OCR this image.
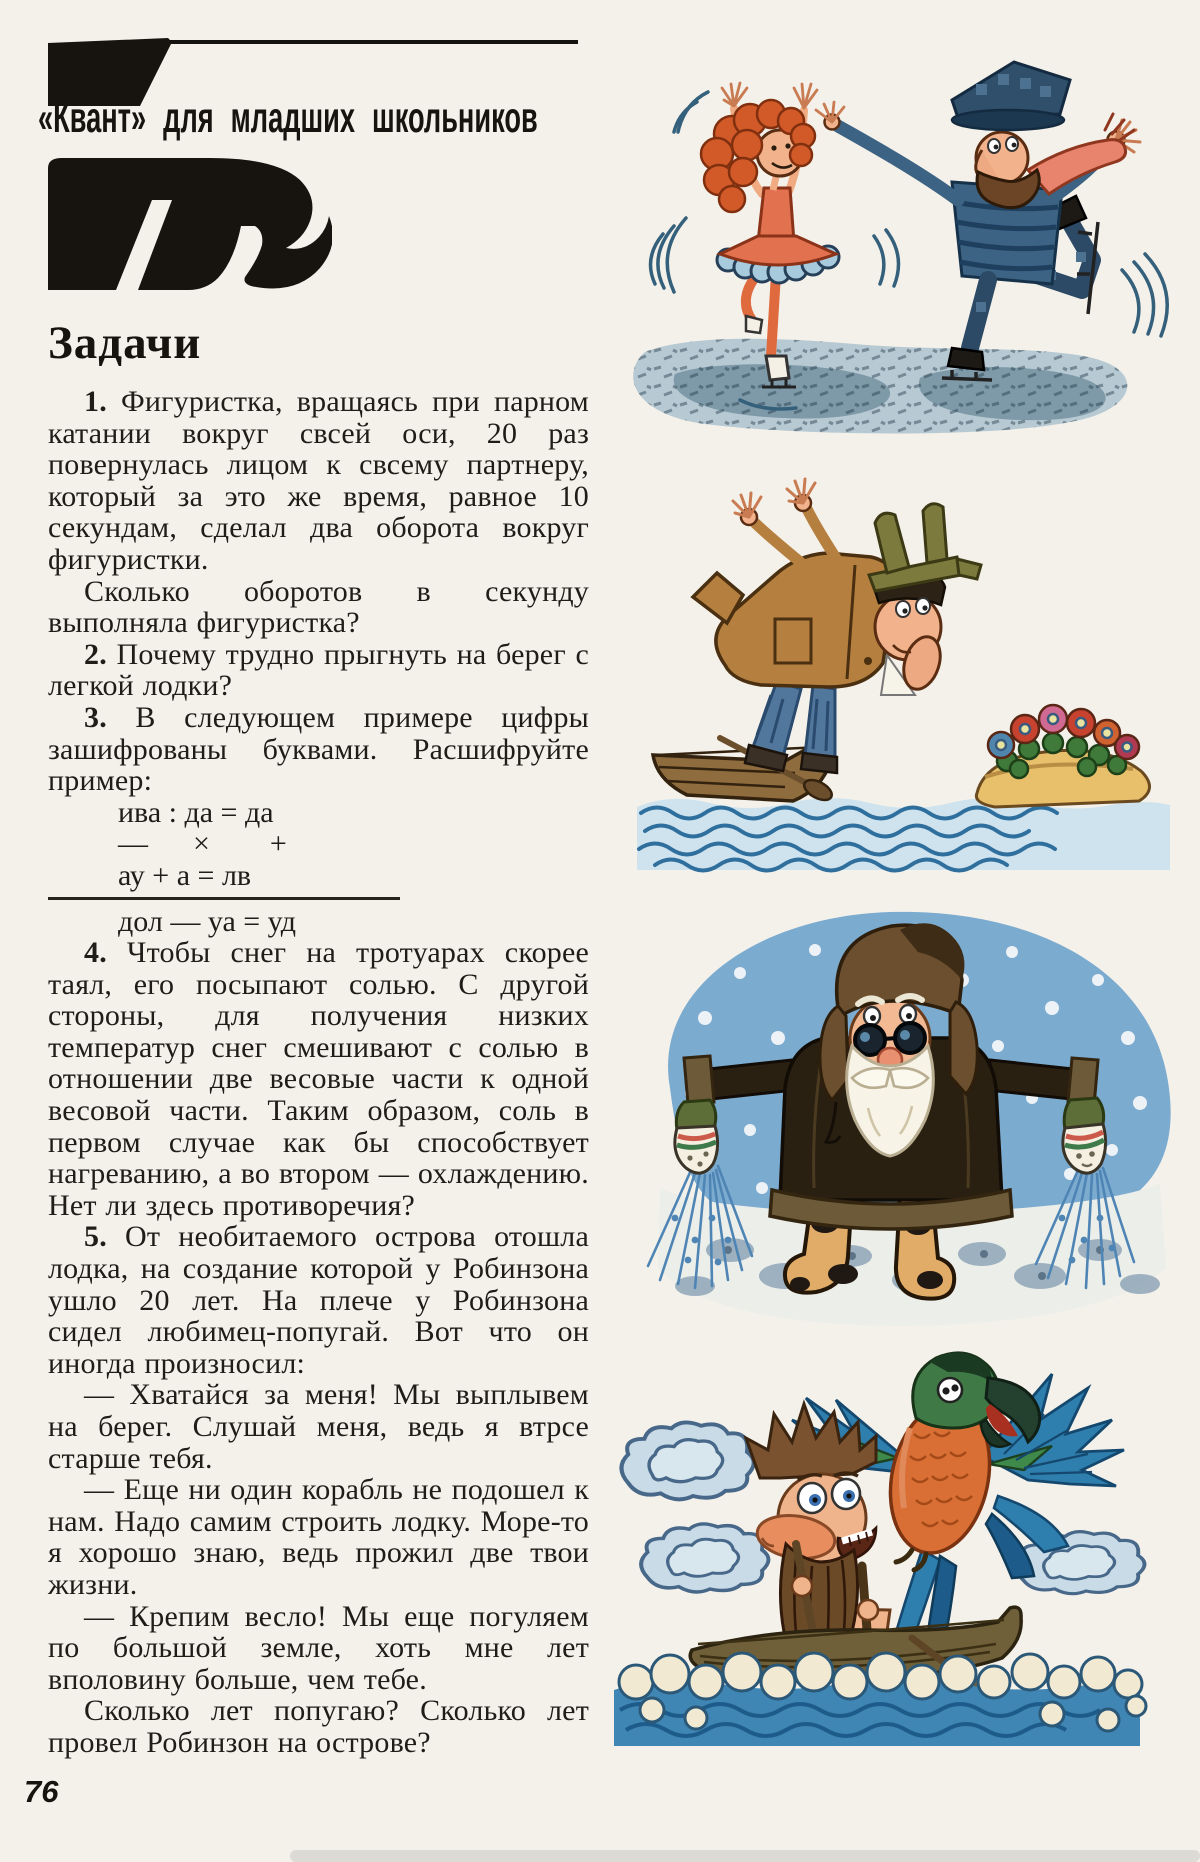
«Квант» для младших школьников
Задачи

1. Фигуристка, вращаясь при парном катании вокруг свсей оси, 20 раз повернулась лицом к свсему партнеру, который за это же время, равное 10 секундам, сделал два оборота вокруг фигуристки.

Сколько оборотов в секунду выполняла фигуристка?

2. Почему трудно прыгнуть на берег с легкой лодки?

3. В следующем примере цифры зашифрованы буквами. Расшифруйте пример:

ива : да = да
—      ×        +
ау + а = лв
дол — уа = уд

4. Чтобы снег на тротуарах скорее таял, его посыпают солью. С другой стороны, для получения низких температур снег смешивают с солью в отношении две весовые части к одной весовой части. Таким образом, соль в первом случае как бы способствует нагреванию, а во втором — охлаждению. Нет ли здесь противоречия?

5. От необитаемого острова отошла лодка, на создание которой у Робинзона ушло 20 лет. На плече у Робинзона сидел любимец-попугай. Вот что он иногда произносил:

— Хватайся за меня! Мы выплывем на берег. Слушай меня, ведь я втрсе старше тебя.

— Еще ни один корабль не подошел к нам. Надо самим строить лодку. Море-то я хорошо знаю, ведь прожил две твои жизни.

— Крепим весло! Мы еще погуляем по большой земле, хоть мне лет вполовину больше, чем тебе.

Сколько лет попугаю? Сколько лет провел Робинзон на острове?

76
